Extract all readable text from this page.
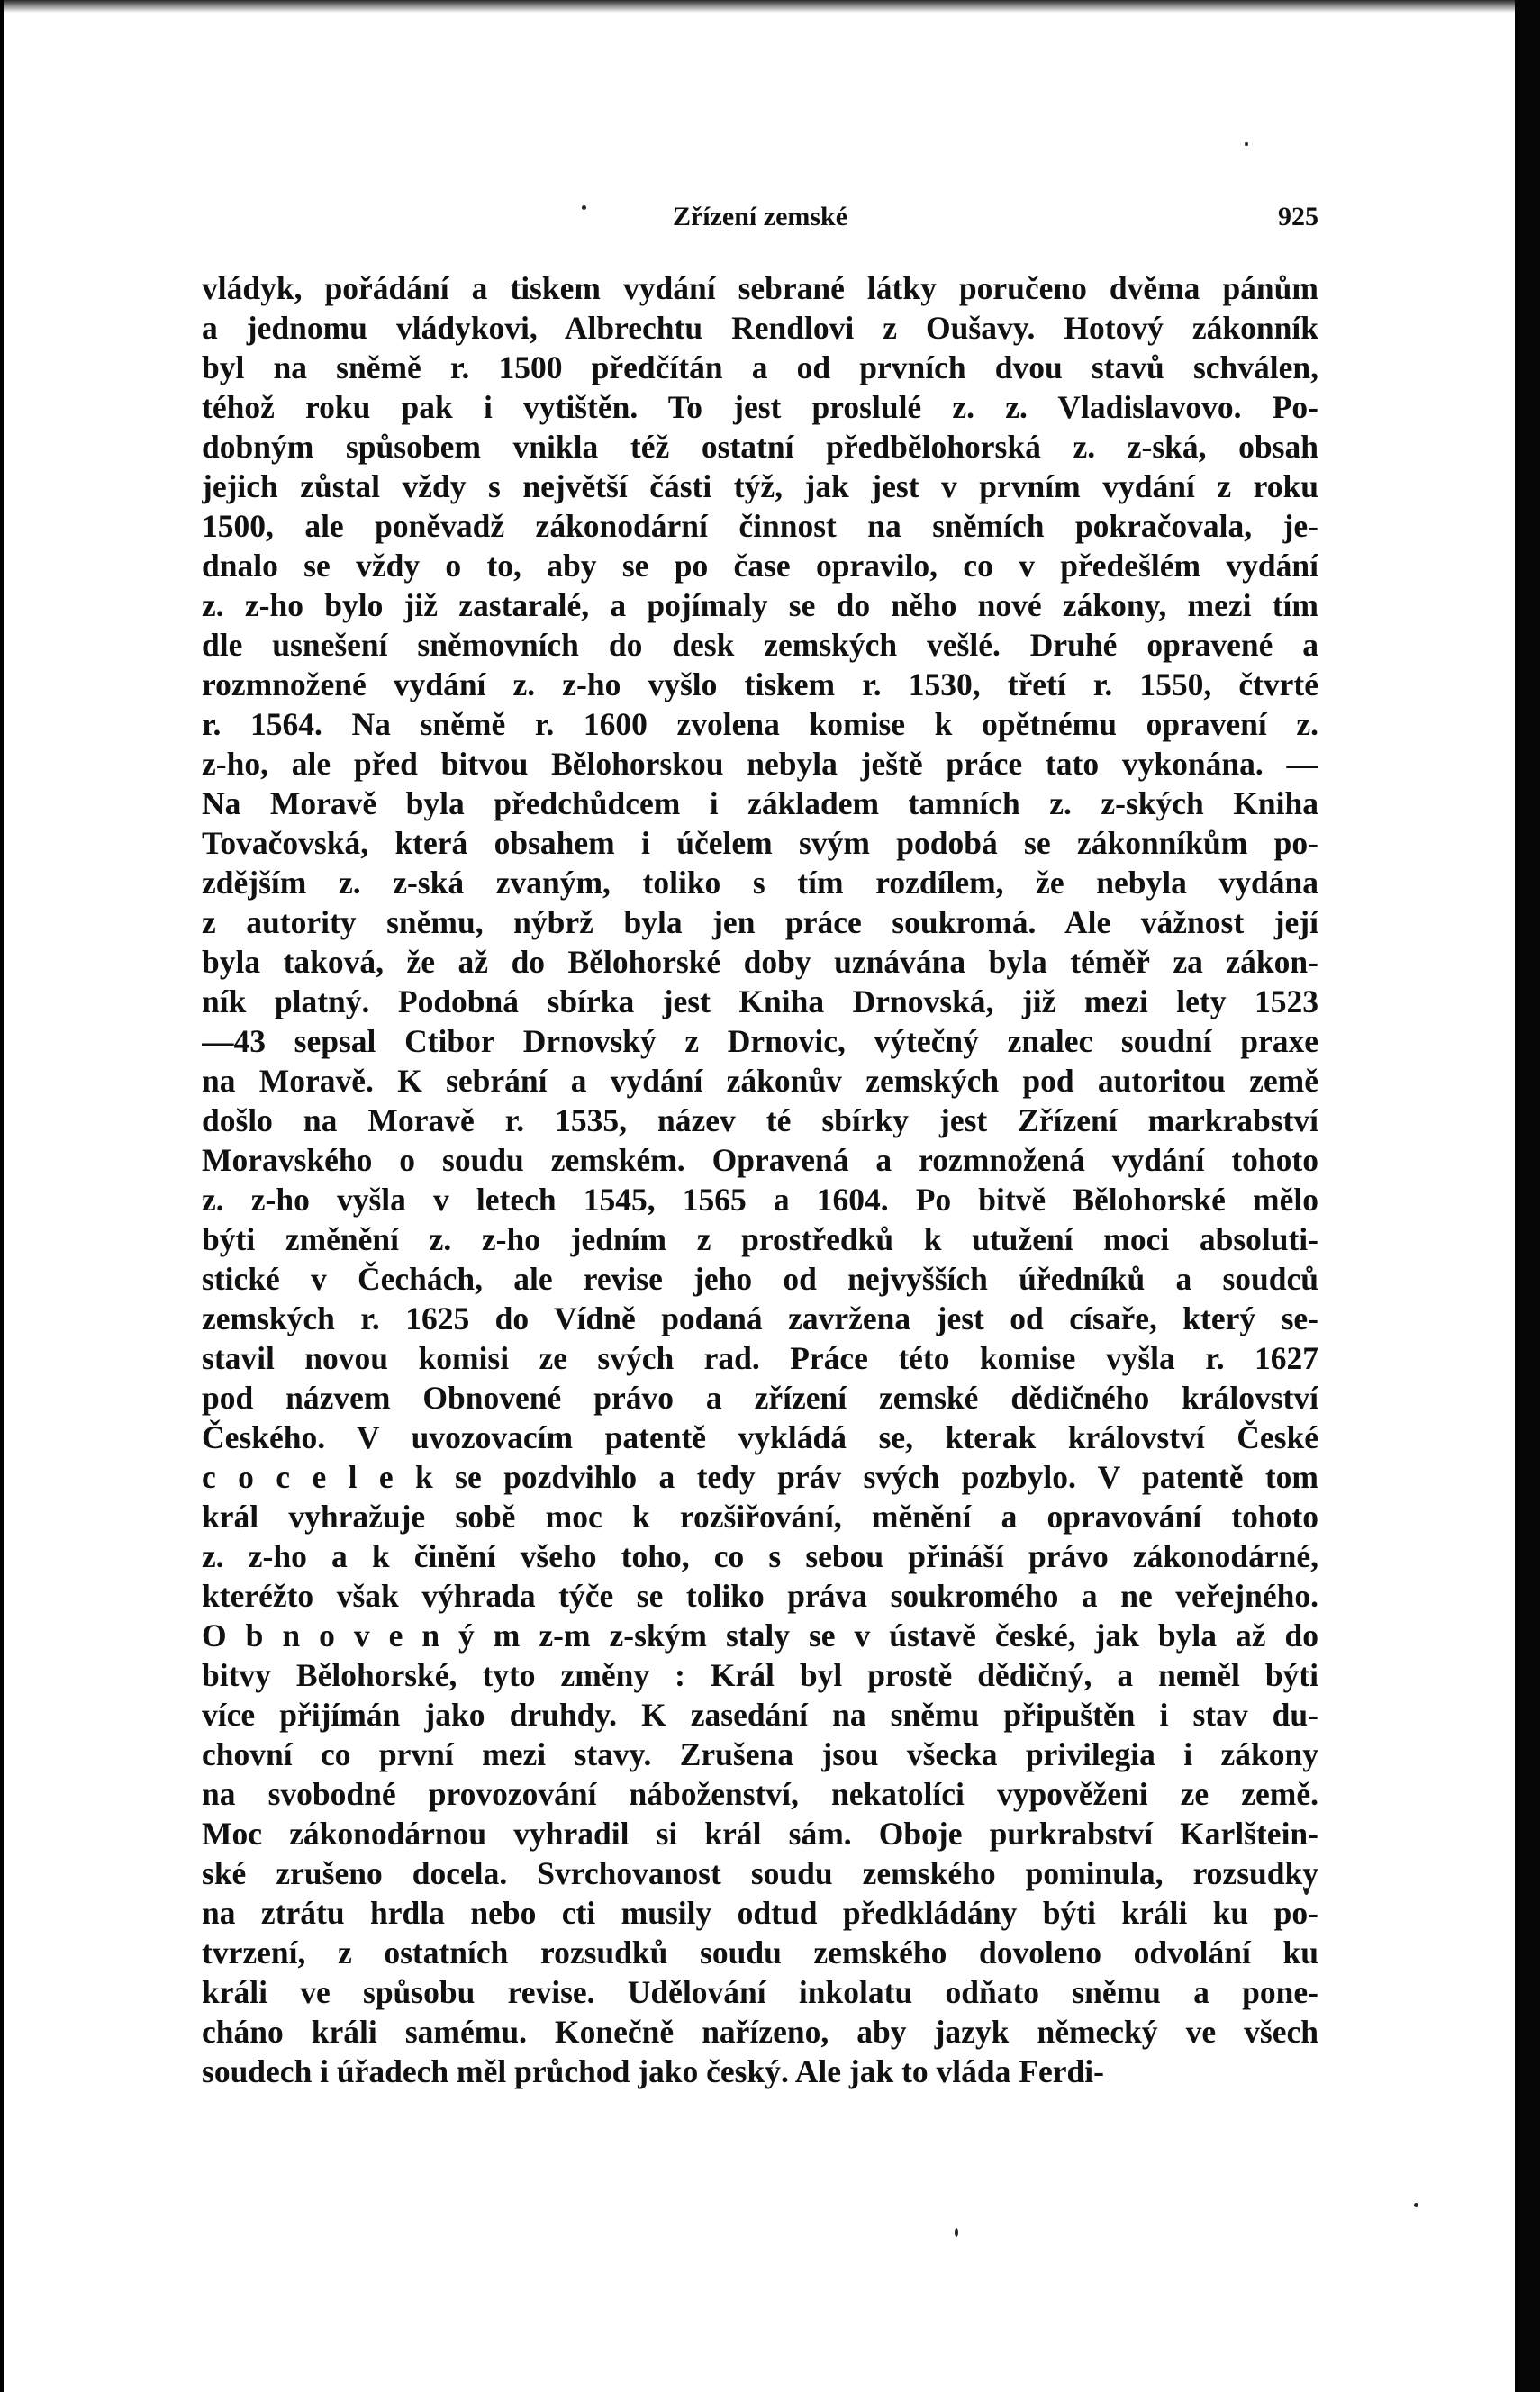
Zřízení zemské	925
vládyk, pořádání a tiskem vydání sebrané látky poručeno dvěma pánům
a jednomu vládykovi, Albrechtu Rendlovi z Oušavy. Hotový zákonník
byl na sněmě r. 1500 předčítán a od prvních dvou stavů schválen,
téhož roku pak i vytištěn. To jest proslulé z. z. Vladislavovo. Po-
dobným spůsobem vnikla též ostatní předbělohorská z. z-ská, obsah
jejich zůstal vždy s největší části týž, jak jest v prvním vydání z roku
1500, ale poněvadž zákonodární činnost na sněmích pokračovala, je-
dnalo se vždy o to, aby se po čase opravilo, co v předešlém vydání
z. z-ho bylo již zastaralé, a pojímaly se do něho nové zákony, mezi tím
dle usnešení sněmovních do desk zemských vešlé. Druhé opravené a
rozmnožené vydání z. z-ho vyšlo tiskem r. 1530, třetí r. 1550, čtvrté
r. 1564. Na sněmě r. 1600 zvolena komise k opětnému opravení z.
z-ho, ale před bitvou Bělohorskou nebyla ještě práce tato vykonána. —
Na Moravě byla předchůdcem i základem tamních z. z-ských Kniha
Tovačovská, která obsahem i účelem svým podobá se zákonníkům po-
zdějším z. z-ská zvaným, toliko s tím rozdílem, že nebyla vydána
z autority sněmu, nýbrž byla jen práce soukromá. Ale vážnost její
byla taková, že až do Bělohorské doby uznávána byla téměř za zákon-
ník platný. Podobná sbírka jest Kniha Drnovská, již mezi lety 1523
—43 sepsal Ctibor Drnovský z Drnovic, výtečný znalec soudní praxe
na Moravě. K sebrání a vydání zákonův zemských pod autoritou země
došlo na Moravě r. 1535, název té sbírky jest Zřízení markrabství
Moravského o soudu zemském. Opravená a rozmnožená vydání tohoto
z. z-ho vyšla v letech 1545, 1565 a 1604. Po bitvě Bělohorské mělo
býti změnění z. z-ho jedním z prostředků k utužení moci absoluti-
stické v Čechách, ale revise jeho od nejvyšších úředníků a soudců
zemských r. 1625 do Vídně podaná zavržena jest od císaře, který se-
stavil novou komisi ze svých rad. Práce této komise vyšla r. 1627
pod názvem Obnovené právo a zřízení zemské dědičného království
Českého. V uvozovacím patentě vykládá se, kterak království České
c o c e l e k se pozdvihlo a tedy práv svých pozbylo. V patentě tom
král vyhražuje sobě moc k rozšiřování, měnění a opravování tohoto
z. z-ho a k činění všeho toho, co s sebou přináší právo zákonodárné,
kteréžto však výhrada týče se toliko práva soukromého a ne veřejného.
O b n o v e n ý m z-m z-ským staly se v ústavě české, jak byla až do
bitvy Bělohorské, tyto změny : Král byl prostě dědičný, a neměl býti
více přijímán jako druhdy. K zasedání na sněmu připuštěn i stav du-
chovní co první mezi stavy. Zrušena jsou všecka privilegia i zákony
na svobodné provozování náboženství, nekatolíci vypověženi ze země.
Moc zákonodárnou vyhradil si král sám. Oboje purkrabství Karlštein-
ské zrušeno docela. Svrchovanost soudu zemského pominula, rozsudky
na ztrátu hrdla nebo cti musily odtud předkládány býti králi ku po-
tvrzení, z ostatních rozsudků soudu zemského dovoleno odvolání ku
králi ve spůsobu revise. Udělování inkolatu odňato sněmu a pone-
cháno králi samému. Konečně nařízeno, aby jazyk německý ve všech
soudech i úřadech měl průchod jako český. Ale jak to vláda Ferdi-
